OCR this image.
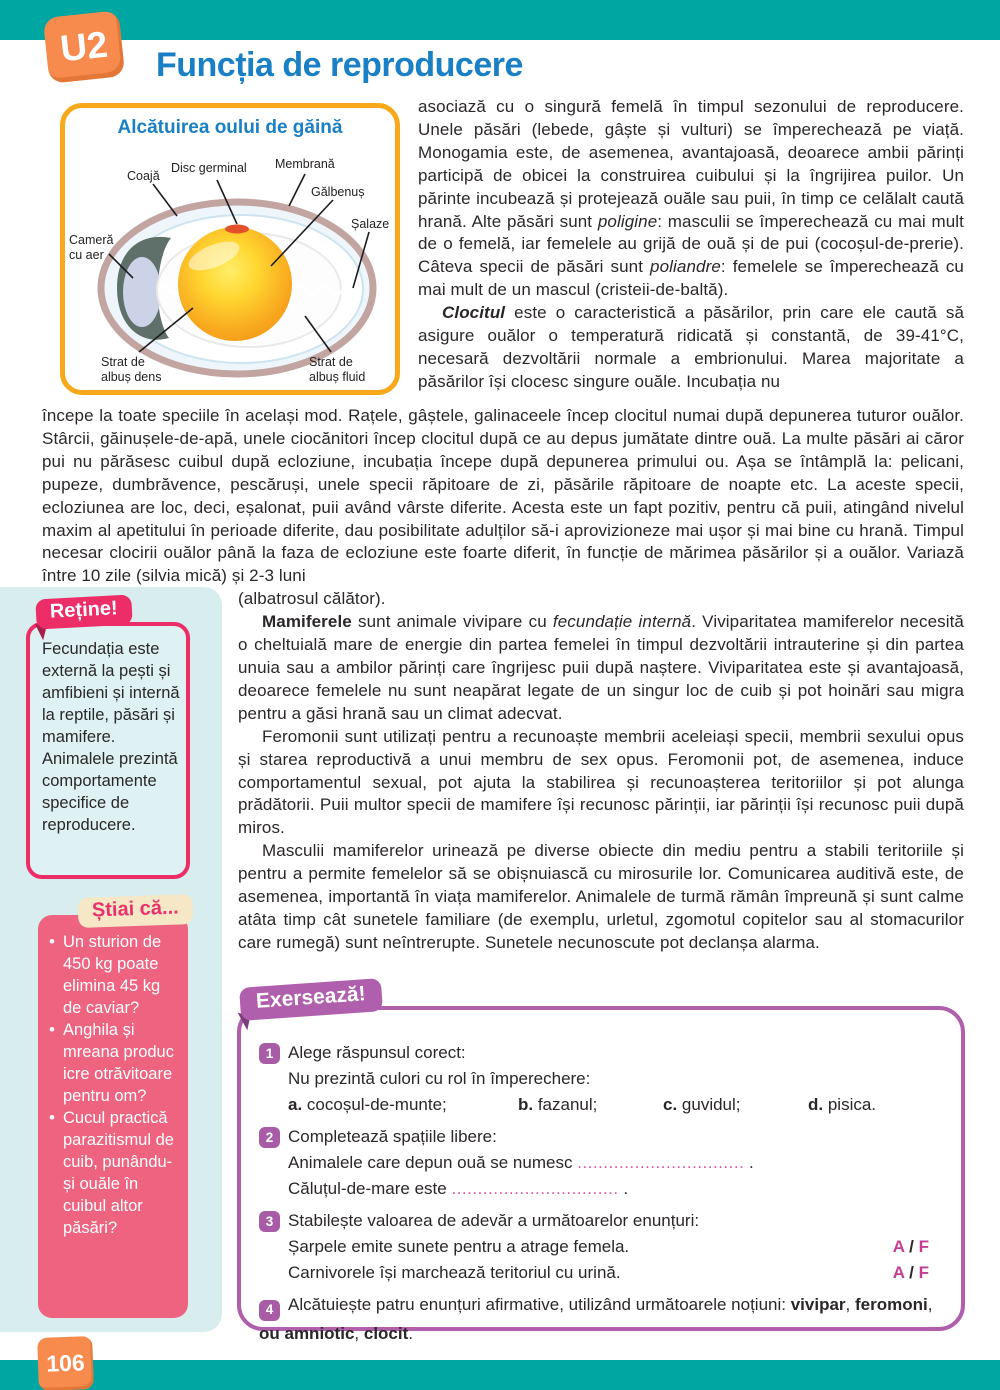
U2 Funcția de reproducere
Alcătuirea oului de găină
Coajă
Disc germinal Membrană
Gălbenuș
Șalaze
Cameră
cu aer
Strat de
albuș dens
Strat de
albuș fluid

asociază cu o singură femelă în timpul sezonului de reproducere. Unele păsări (lebede, gâște și vulturi) se împerechează pe viață. Monogamia este, de asemenea, avantajoasă, deoarece ambii părinți participă de obicei la construirea cuibului și la îngrijirea puilor. Un părinte incubează și protejează ouăle sau puii, în timp ce celălalt caută hrană. Alte păsări sunt poligine: masculii se împerechează cu mai mult de o femelă, iar femelele au grijă de ouă și de pui (cocoșul-de-prerie). Câteva specii de păsări sunt poliandre: femelele se împerechează cu mai mult de un mascul (cristeii-de-baltă).

Clocitul este o caracteristică a păsărilor, prin care ele caută să asigure ouălor o temperatură ridicată și constantă, de 39-41°C, necesară dezvoltării normale a embrionului. Marea majoritate a păsărilor își clocesc singure ouăle. Incubația nu

începe la toate speciile în același mod. Rațele, gâștele, galinaceele încep clocitul numai după depunerea tuturor ouălor. Stârcii, găinușele-de-apă, unele ciocănitori încep clocitul după ce au depus jumătate dintre ouă. La multe păsări ai căror pui nu părăsesc cuibul după ecloziune, incubația începe după depunerea primului ou. Așa se întâmplă la: pelicani, pupeze, dumbrăvence, pescăruși, unele specii răpitoare de zi, păsările răpitoare de noapte etc. La aceste specii, ecloziunea are loc, deci, eșalonat, puii având vârste diferite. Acesta este un fapt pozitiv, pentru că puii, atingând nivelul maxim al apetitului în perioade diferite, dau posibilitate adulților să-i aprovizioneze mai ușor și mai bine cu hrană. Timpul necesar clocirii ouălor până la faza de ecloziune este foarte diferit, în funcție de mărimea păsărilor și a ouălor. Variază între 10 zile (silvia mică) și 2-3 luni

(albatrosul călător).

Mamiferele sunt animale vivipare cu fecundație internă. Viviparitatea mamiferelor necesită o cheltuială mare de energie din partea femelei în timpul dezvoltării intrauterine și din partea unuia sau a ambilor părinți care îngrijesc puii după naștere. Viviparitatea este și avantajoasă, deoarece femelele nu sunt neapărat legate de un singur loc de cuib și pot hoinări sau migra pentru a găsi hrană sau un climat adecvat.

Feromonii sunt utilizați pentru a recunoaște membrii aceleiași specii, membrii sexului opus și starea reproductivă a unui membru de sex opus. Feromonii pot, de asemenea, induce comportamentul sexual, pot ajuta la stabilirea și recunoașterea teritoriilor și pot alunga prădătorii. Puii multor specii de mamifere își recunosc părinții, iar părinții își recunosc puii după miros.

Masculii mamiferelor urinează pe diverse obiecte din mediu pentru a stabili teritoriile și pentru a permite femelelor să se obișnuiască cu mirosurile lor. Comunicarea auditivă este, de asemenea, importantă în viața mamiferelor. Animalele de turmă rămân împreună și sunt calme atâta timp cât sunetele familiare (de exemplu, urletul, zgomotul copitelor sau al stomacurilor care rumegă) sunt neîntrerupte. Sunetele necunoscute pot declanșa alarma.

Reține!
Fecundația este externă la pești și amfibieni și internă la reptile, păsări și mamifere. Animalele prezintă comportamente specifice de reproducere.
Știai că...
• Un sturion de 450 kg poate elimina 45 kg de caviar?
• Anghila și mreana produc icre otrăvitoare pentru om?
• Cucul practică parazitismul de cuib, punându-și ouăle în cuibul altor păsări?
Exersează!
1 Alege răspunsul corect:
Nu prezintă culori cu rol în împerechere:
a. cocoșul-de-munte;	b. fazanul;	c. guvidul;	d. pisica.
2 Completează spațiile libere:
Animalele care depun ouă se numesc ................................ .
Căluțul-de-mare este ................................ .
3 Stabilește valoarea de adevăr a următoarelor enunțuri:
Șarpele emite sunete pentru a atrage femela.	A / F
Carnivorele își marchează teritoriul cu urină.	A / F

4 Alcătuiește patru enunțuri afirmative, utilizând următoarele noțiuni: vivipar, feromoni, ou amniotic, clocit.

106
